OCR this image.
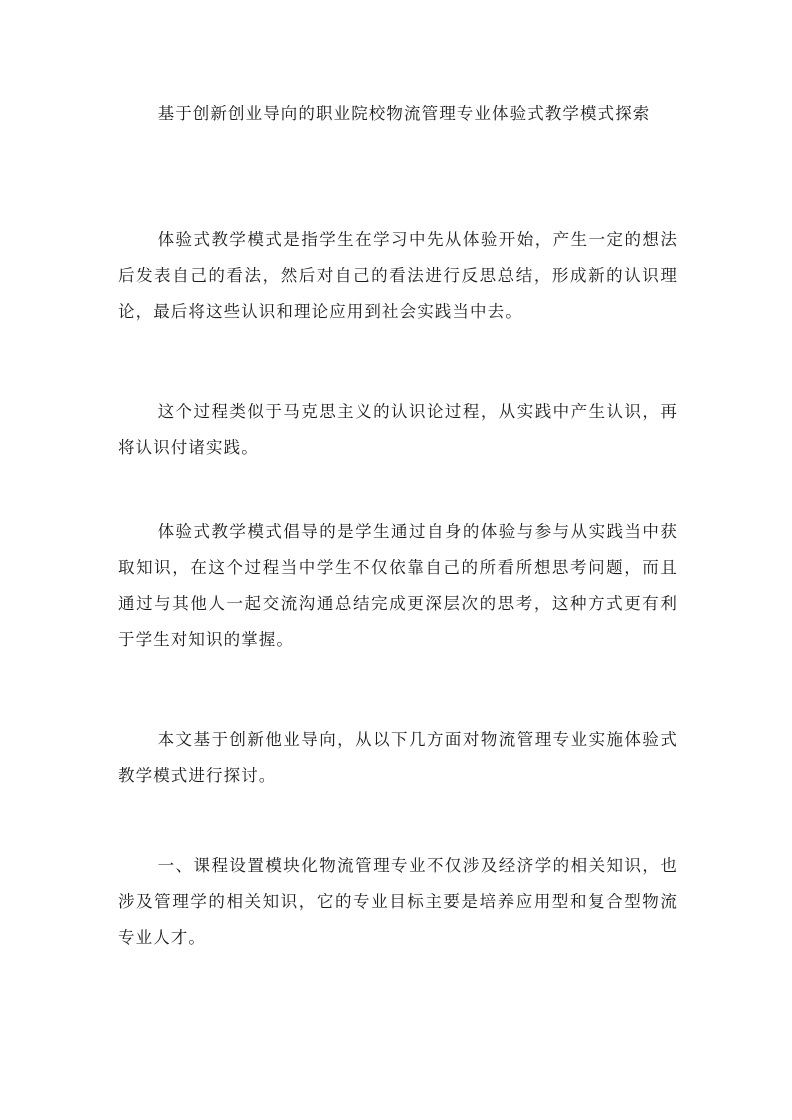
基于创新创业导向的职业院校物流管理专业体验式教学模式探索

体验式教学模式是指学生在学习中先从体验开始，产生一定的想法后发表自己的看法，然后对自己的看法进行反思总结，形成新的认识理论，最后将这些认识和理论应用到社会实践当中去。

这个过程类似于马克思主义的认识论过程，从实践中产生认识，再将认识付诸实践。

体验式教学模式倡导的是学生通过自身的体验与参与从实践当中获取知识，在这个过程当中学生不仅依靠自己的所看所想思考问题，而且通过与其他人一起交流沟通总结完成更深层次的思考，这种方式更有利于学生对知识的掌握。

本文基于创新他业导向，从以下几方面对物流管理专业实施体验式教学模式进行探讨。

一、课程设置模块化物流管理专业不仅涉及经济学的相关知识，也涉及管理学的相关知识，它的专业目标主要是培养应用型和复合型物流专业人才。
